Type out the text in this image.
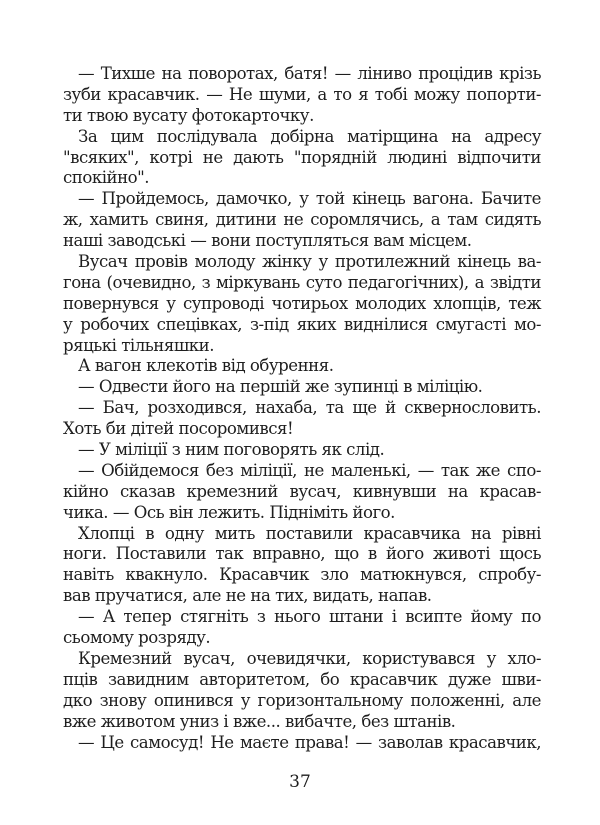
— Тихше на поворотах, батя! — ліниво процідив крізь
зуби красавчик. — Не шуми, а то я тобі можу попорти-
ти твою вусату фотокарточку.
За цим послідувала добірна матірщина на адресу
"всяких", котрі не дають "порядній людині відпочити
спокійно".
— Пройдемось, дамочко, у той кінець вагона. Бачите
ж, хамить свиня, дитини не соромлячись, а там сидять
наші заводські — вони поступляться вам місцем.
Вусач провів молоду жінку у протилежний кінець ва-
гона (очевидно, з міркувань суто педагогічних), а звідти
повернувся у супроводі чотирьох молодих хлопців, теж
у робочих спецівках, з-під яких виднілися смугасті мо-
ряцькі тільняшки.
А вагон клекотів від обурення.
— Одвести його на першій же зупинці в міліцію.
— Бач, розходився, нахаба, та ще й сквернословить.
Хоть би дітей посоромився!
— У міліції з ним поговорять як слід.
— Обійдемося без міліції, не маленькі, — так же спо-
кійно сказав кремезний вусач, кивнувши на красав-
чика. — Ось він лежить. Підніміть його.
Хлопці в одну мить поставили красавчика на рівні
ноги. Поставили так вправно, що в його животі щось
навіть квакнуло. Красавчик зло матюкнувся, спробу-
вав пручатися, але не на тих, видать, напав.
— А тепер стягніть з нього штани і всипте йому по
сьомому розряду.
Кремезний вусач, очевидячки, користувався у хло-
пців завидним авторитетом, бо красавчик дуже шви-
дко знову опинився у горизонтальному положенні, але
вже животом униз і вже... вибачте, без штанів.
— Це самосуд! Не маєте права! — заволав красавчик,
37
